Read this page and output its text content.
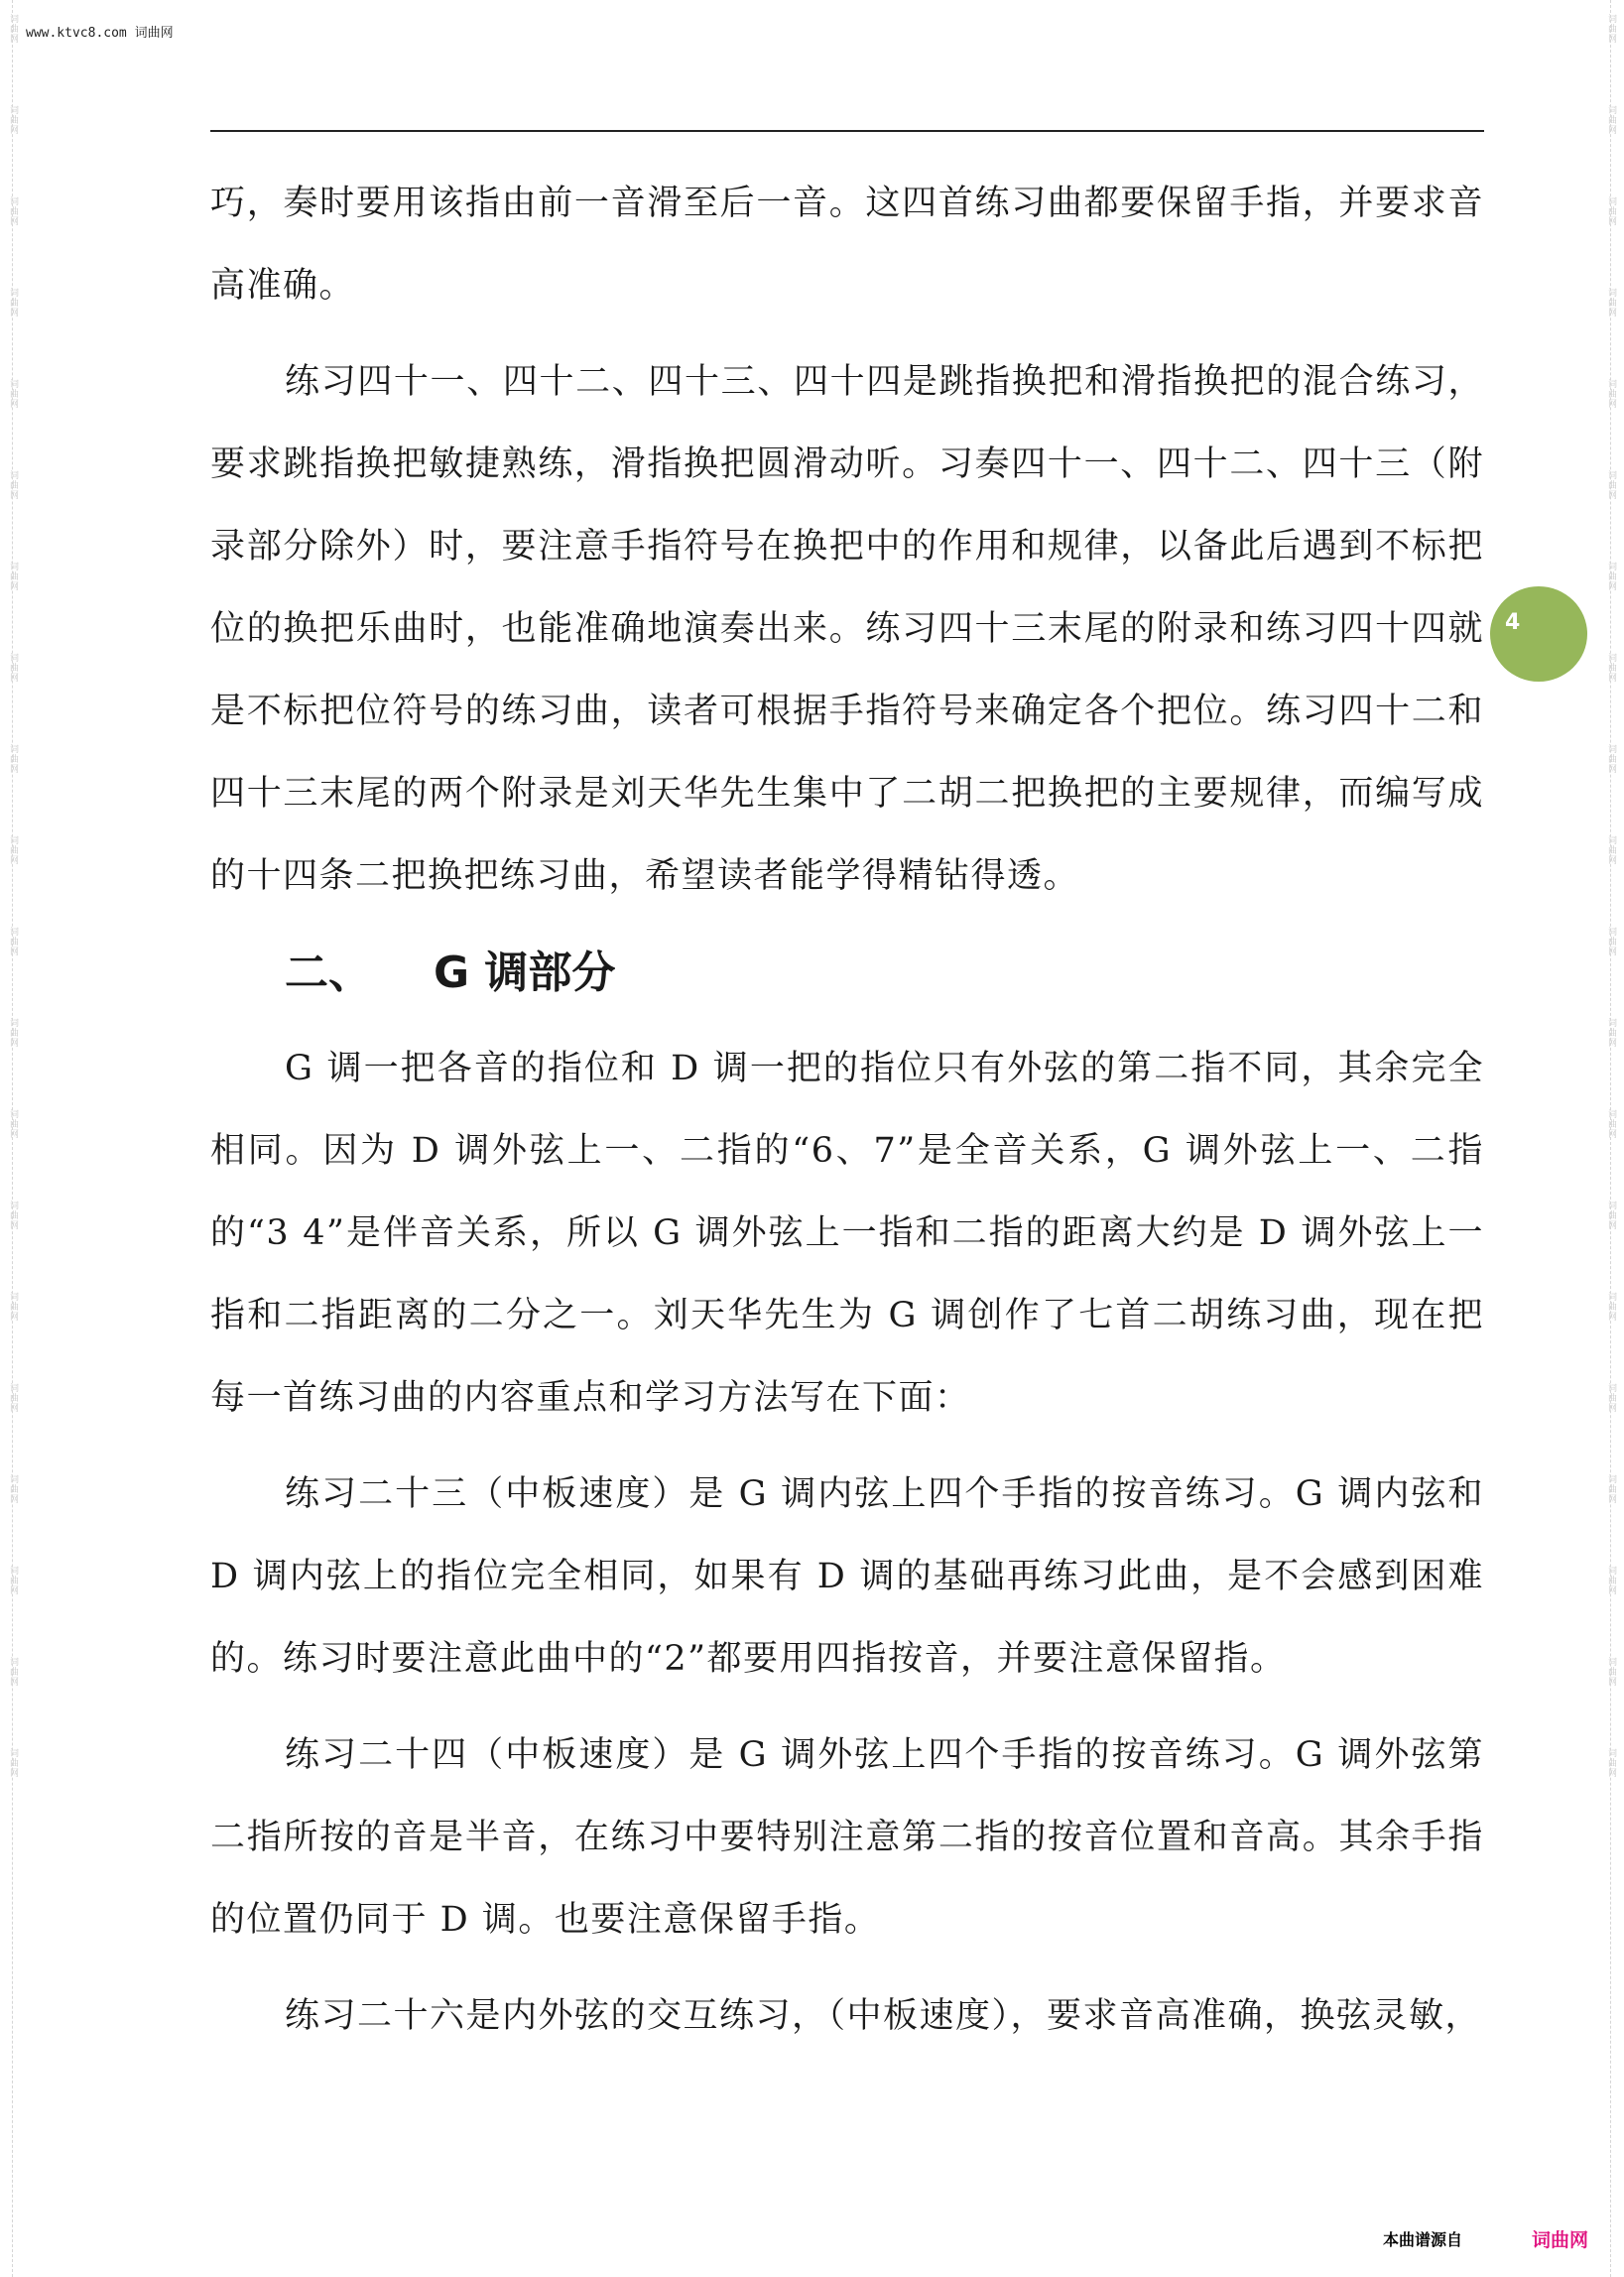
词曲网
词曲网
词曲网
词曲网
词曲网
词曲网
词曲网
词曲网
词曲网
词曲网
词曲网
词曲网
词曲网
词曲网
词曲网
词曲网
词曲网
词曲网
词曲网
词曲网
词曲网
词曲网
词曲网
词曲网
词曲网
词曲网
词曲网
词曲网
词曲网
词曲网
词曲网
词曲网
词曲网
词曲网
词曲网
词曲网
词曲网
词曲网
词曲网
词曲网
www.ktvc8.com 词曲网
4

巧，奏时要用该指由前一音滑至后一音。这四首练习曲都要保留手指，并要求音高准确。

练习四十一、四十二、四十三、四十四是跳指换把和滑指换把的混合练习，要求跳指换把敏捷熟练，滑指换把圆滑动听。习奏四十一、四十二、四十三（附录部分除外）时，要注意手指符号在换把中的作用和规律，以备此后遇到不标把位的换把乐曲时，也能准确地演奏出来。练习四十三末尾的附录和练习四十四就是不标把位符号的练习曲，读者可根据手指符号来确定各个把位。练习四十二和四十三末尾的两个附录是刘天华先生集中了二胡二把换把的主要规律，而编写成的十四条二把换把练习曲，希望读者能学得精钻得透。

二、	G 调部分

G 调一把各音的指位和 D 调一把的指位只有外弦的第二指不同，其余完全相同。因为 D 调外弦上一、二指的“6、7”是全音关系，G 调外弦上一、二指的“3 4”是伴音关系，所以 G 调外弦上一指和二指的距离大约是 D 调外弦上一指和二指距离的二分之一。刘天华先生为 G 调创作了七首二胡练习曲，现在把每一首练习曲的内容重点和学习方法写在下面：

练习二十三（中板速度）是 G 调内弦上四个手指的按音练习。G 调内弦和 D 调内弦上的指位完全相同，如果有 D 调的基础再练习此曲，是不会感到困难的。练习时要注意此曲中的“2”都要用四指按音，并要注意保留指。

练习二十四（中板速度）是 G 调外弦上四个手指的按音练习。G 调外弦第二指所按的音是半音，在练习中要特别注意第二指的按音位置和音高。其余手指的位置仍同于 D 调。也要注意保留手指。

练习二十六是内外弦的交互练习，（中板速度），要求音高准确，换弦灵敏，

本曲谱源自	词曲网
